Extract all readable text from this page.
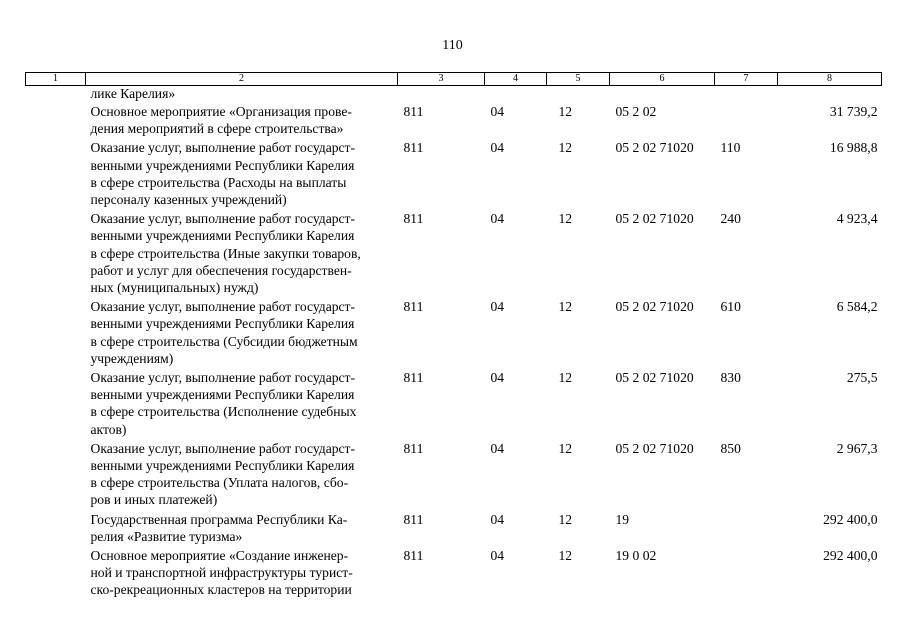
110
1	2	3	4	5	6	7	8
	лике Карелия»						

	Основное мероприятие «Организация прове-
дения мероприятий в сфере строительства»	811	04	12	05 2 02		31 739,2

	Оказание услуг, выполнение работ государст-
венными учреждениями Республики Карелия
в сфере строительства (Расходы на выплаты
персоналу казенных учреждений)	811	04	12	05 2 02 71020	110	16 988,8

	Оказание услуг, выполнение работ государст-
венными учреждениями Республики Карелия
в сфере строительства (Иные закупки товаров,
работ и услуг для обеспечения государствен-
ных (муниципальных) нужд)	811	04	12	05 2 02 71020	240	4 923,4

	Оказание услуг, выполнение работ государст-
венными учреждениями Республики Карелия
в сфере строительства (Субсидии бюджетным
учреждениям)	811	04	12	05 2 02 71020	610	6 584,2

	Оказание услуг, выполнение работ государст-
венными учреждениями Республики Карелия
в сфере строительства (Исполнение судебных
актов)	811	04	12	05 2 02 71020	830	275,5

	Оказание услуг, выполнение работ государст-
венными учреждениями Республики Карелия
в сфере строительства (Уплата налогов, сбо-
ров и иных платежей)	811	04	12	05 2 02 71020	850	2 967,3

	Государственная программа Республики Ка-
релия «Развитие туризма»	811	04	12	19		292 400,0

	Основное мероприятие «Создание инженер-
ной и транспортной инфраструктуры турист-
ско-рекреационных кластеров на территории	811	04	12	19 0 02		292 400,0
